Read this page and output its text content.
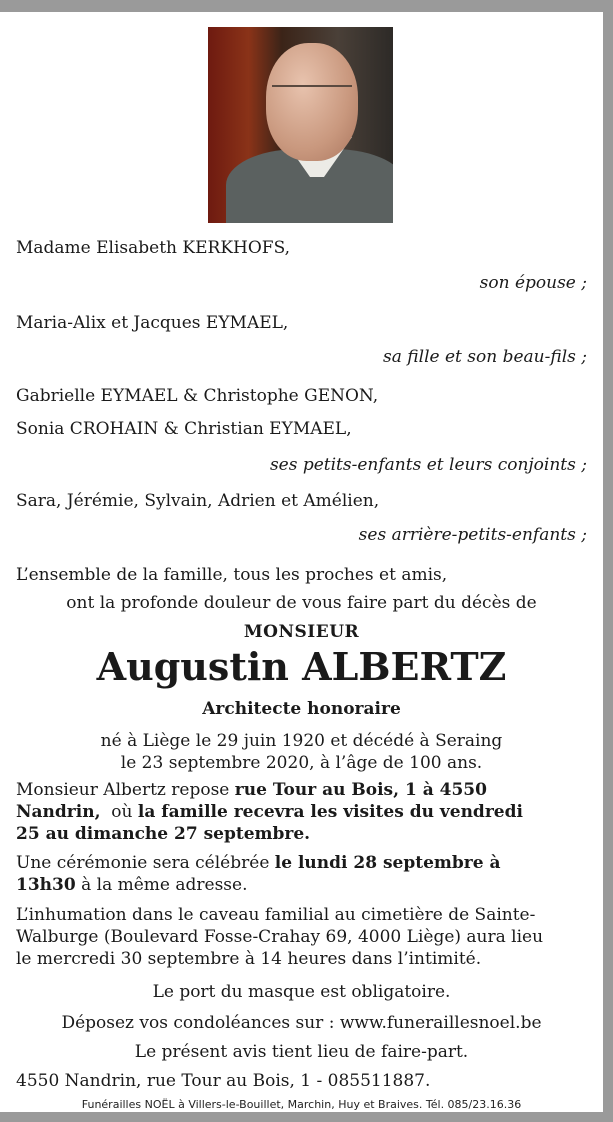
Madame Elisabeth KERKHOFS,
son épouse ;
Maria-Alix et Jacques EYMAEL,
sa fille et son beau-fils ;
Gabrielle EYMAEL & Christophe GENON,
Sonia CROHAIN & Christian EYMAEL,
ses petits-enfants et leurs conjoints ;
Sara, Jérémie, Sylvain, Adrien et Amélien,
ses arrière-petits-enfants ;
L’ensemble de la famille, tous les proches et amis,
ont la profonde douleur de vous faire part du décès de
MONSIEUR
Augustin ALBERTZ
Architecte honoraire
né à Liège le 29 juin 1920 et décédé à Seraing
le 23 septembre 2020, à l’âge de 100 ans.
Monsieur Albertz repose rue Tour au Bois, 1 à 4550
Nandrin,  où la famille recevra les visites du vendredi
25 au dimanche 27 septembre.
Une cérémonie sera célébrée le lundi 28 septembre à
13h30 à la même adresse.
L’inhumation dans le caveau familial au cimetière de Sainte-
Walburge (Boulevard Fosse-Crahay 69, 4000 Liège) aura lieu
le mercredi 30 septembre à 14 heures dans l’intimité.
Le port du masque est obligatoire.
Déposez vos condoléances sur : www.funeraillesnoel.be
Le présent avis tient lieu de faire-part.
4550 Nandrin, rue Tour au Bois, 1 - 085511887.
Funérailles NOËL à Villers-le-Bouillet, Marchin, Huy et Braives. Tél. 085/23.16.36
